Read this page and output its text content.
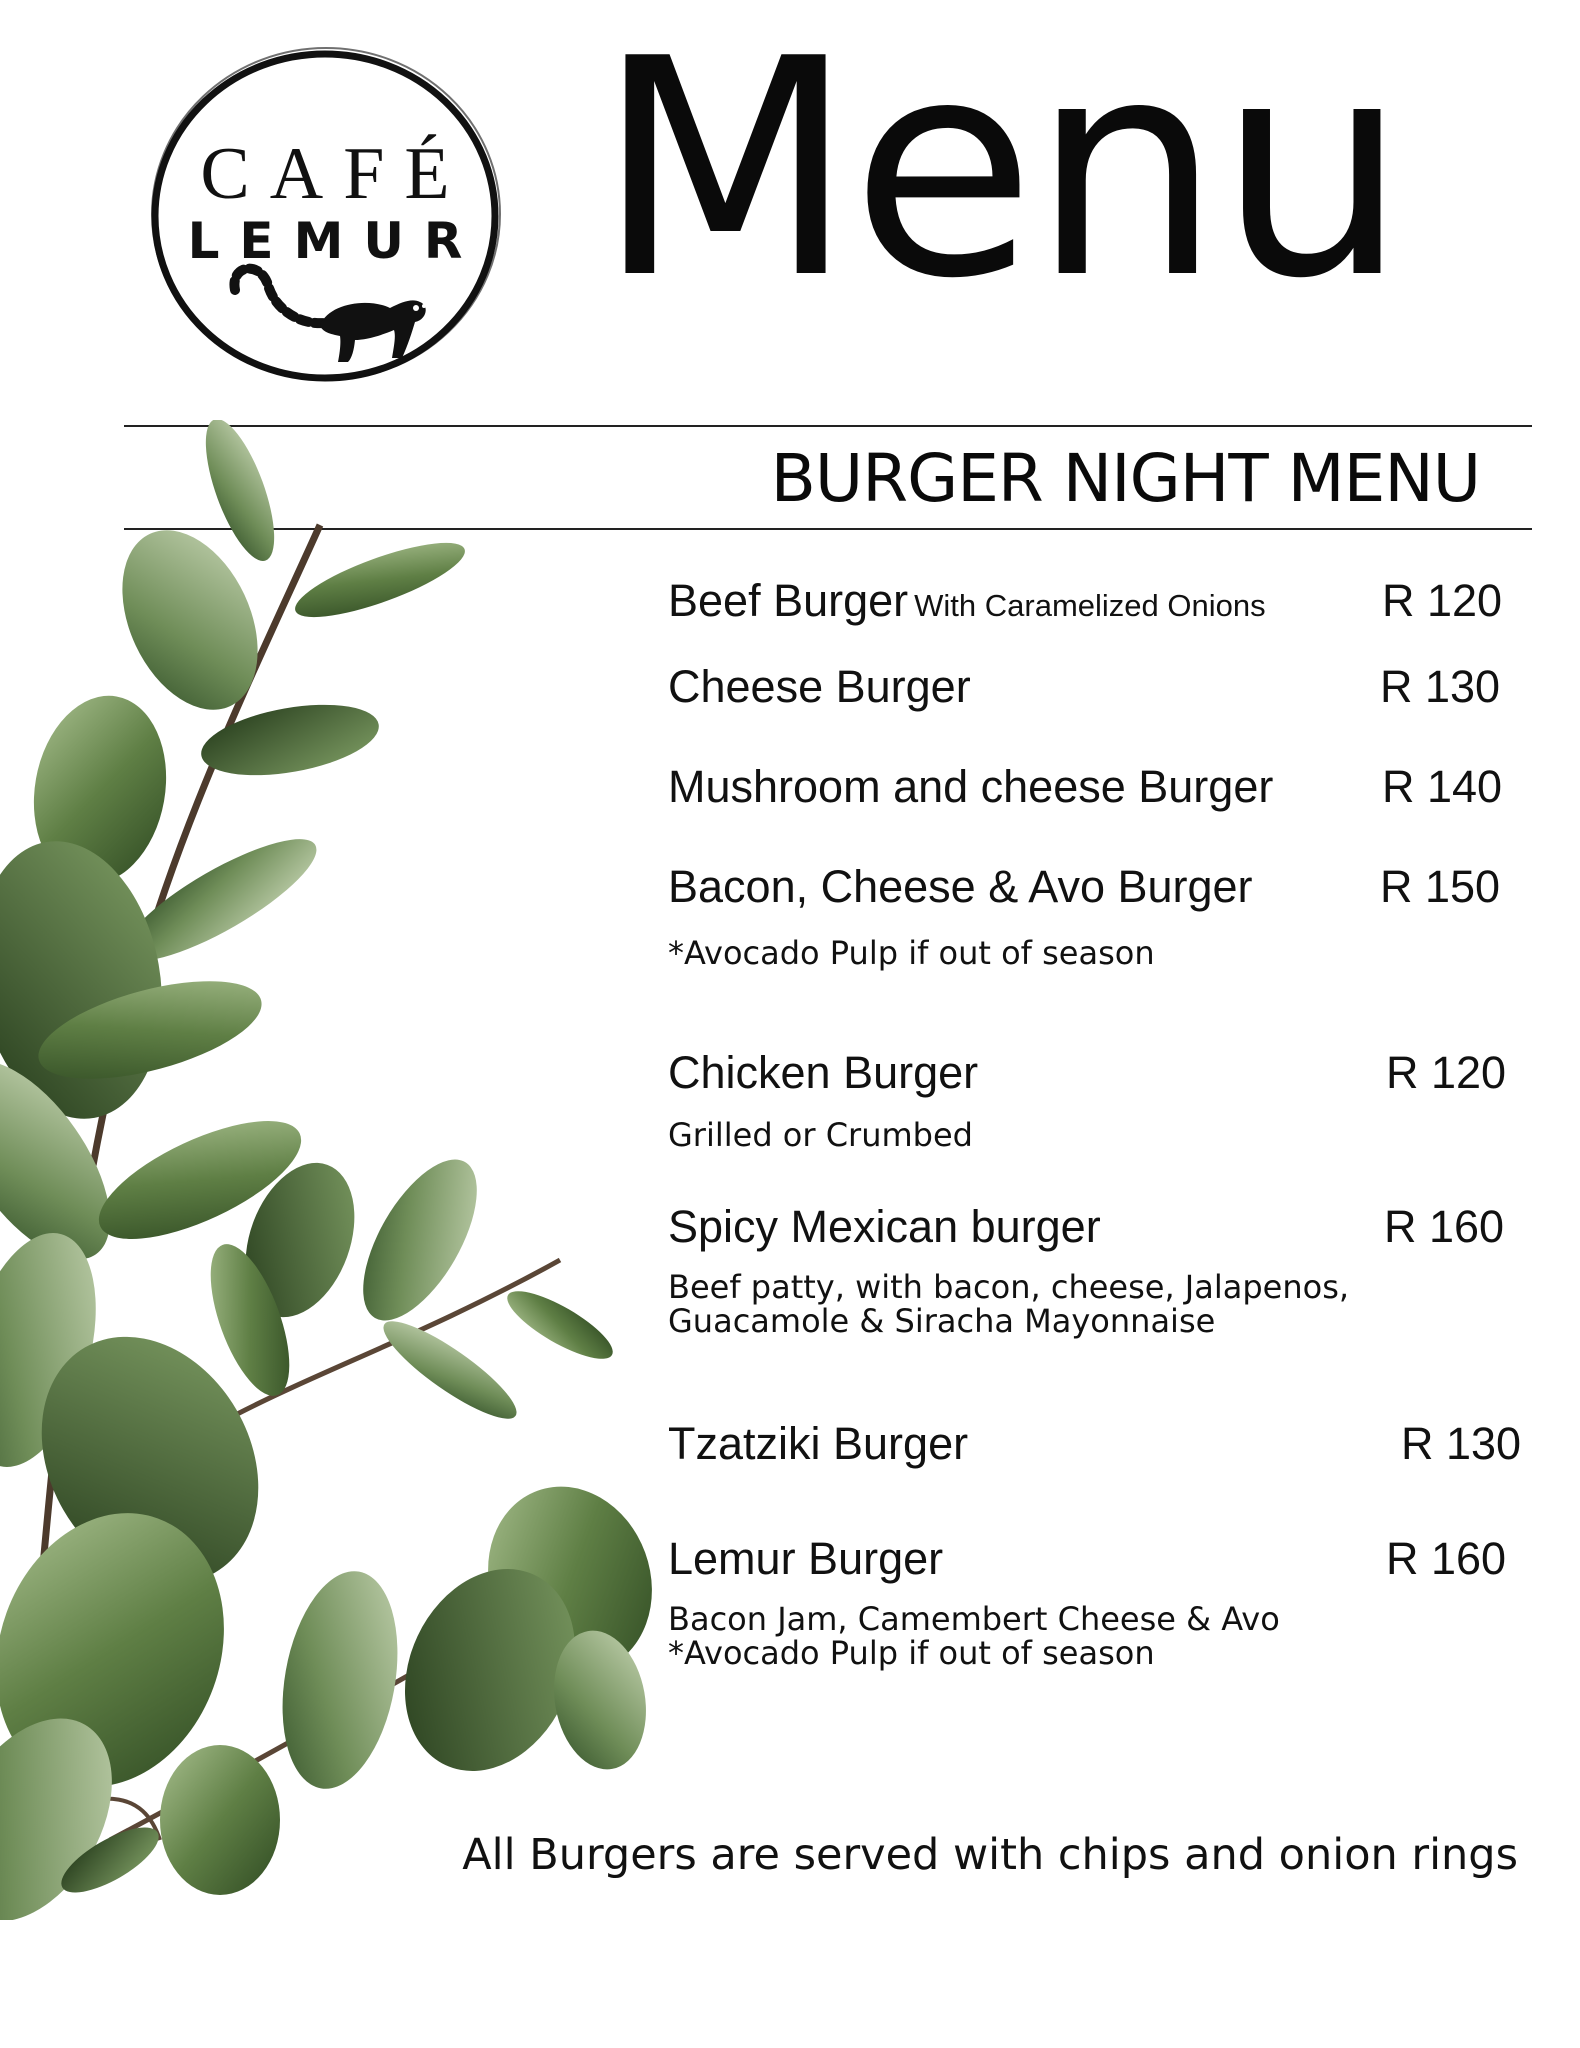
CAFÉ
LEMUR Menu
BURGER NIGHT MENU
Beef Burger With Caramelized Onions	R 120
Cheese Burger	R 130
Mushroom and cheese Burger R 140
Bacon, Cheese & Avo Burger	R 150
*Avocado Pulp if out of season
Chicken Burger	R 120
Grilled or Crumbed
Spicy Mexican burger	R 160
Beef patty, with bacon, cheese, Jalapenos,
Guacamole & Siracha Mayonnaise
Tzatziki Burger	R 130
Lemur Burger	R 160
Bacon Jam, Camembert Cheese & Avo
*Avocado Pulp if out of season
All Burgers are served with chips and onion rings
